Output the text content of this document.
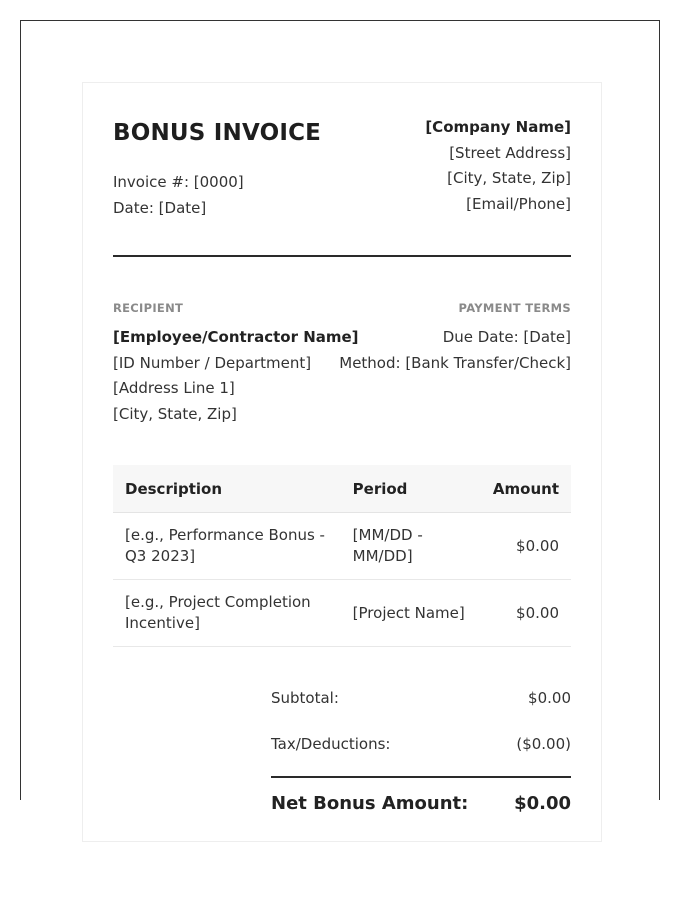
BONUS INVOICE
Invoice #: [0000]
Date: [Date]
[Company Name]
[Street Address]
[City, State, Zip]
[Email/Phone]
RECIPIENT
[Employee/Contractor Name]
[ID Number / Department]
[Address Line 1]
[City, State, Zip]
PAYMENT TERMS
Due Date: [Date]
Method: [Bank Transfer/Check]
Description	Period	Amount
[e.g., Performance Bonus - Q3 2023]	[MM/DD - MM/DD]	$0.00
[e.g., Project Completion Incentive]	[Project Name]	$0.00
Subtotal:	$0.00
Tax/Deductions:	($0.00)
Net Bonus Amount:	$0.00
